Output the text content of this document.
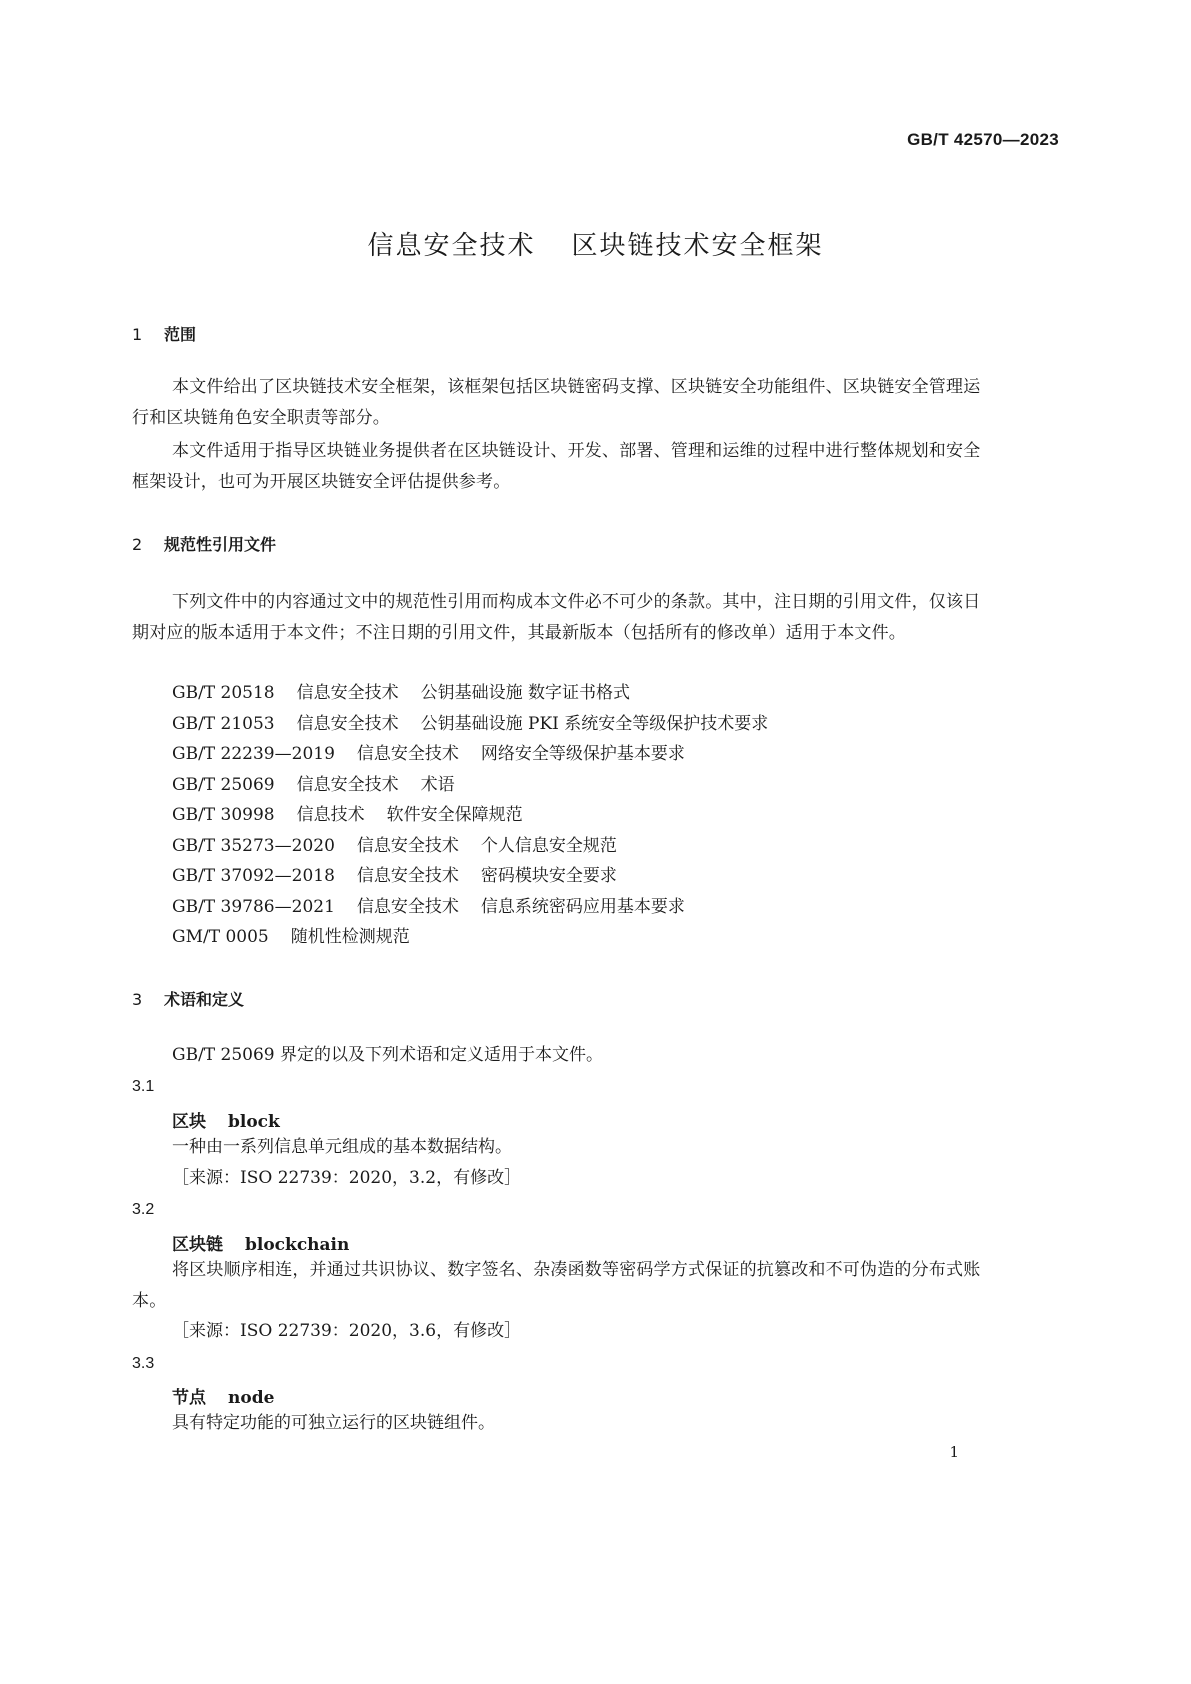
GB/T 42570—2023
信息安全技术 区块链技术安全框架
1 范围
本文件给出了区块链技术安全框架，该框架包括区块链密码支撑、区块链安全功能组件、区块链安全管理运行和区块链角色安全职责等部分。
本文件适用于指导区块链业务提供者在区块链设计、开发、部署、管理和运维的过程中进行整体规划和安全框架设计，也可为开展区块链安全评估提供参考。
2 规范性引用文件
下列文件中的内容通过文中的规范性引用而构成本文件必不可少的条款。其中，注日期的引用文件，仅该日期对应的版本适用于本文件；不注日期的引用文件，其最新版本（包括所有的修改单）适用于本文件。
GB/T 20518 信息安全技术 公钥基础设施 数字证书格式
GB/T 21053 信息安全技术 公钥基础设施 PKI 系统安全等级保护技术要求
GB/T 22239—2019 信息安全技术 网络安全等级保护基本要求
GB/T 25069 信息安全技术 术语
GB/T 30998 信息技术 软件安全保障规范
GB/T 35273—2020 信息安全技术 个人信息安全规范
GB/T 37092—2018 信息安全技术 密码模块安全要求
GB/T 39786—2021 信息安全技术 信息系统密码应用基本要求
GM/T 0005 随机性检测规范
3 术语和定义
GB/T 25069 界定的以及下列术语和定义适用于本文件。
3.1
区块 block
一种由一系列信息单元组成的基本数据结构。
［来源：ISO 22739：2020，3.2，有修改］
3.2
区块链 blockchain
将区块顺序相连，并通过共识协议、数字签名、杂凑函数等密码学方式保证的抗篡改和不可伪造的分布式账本。
［来源：ISO 22739：2020，3.6，有修改］
3.3
节点 node
具有特定功能的可独立运行的区块链组件。
1
